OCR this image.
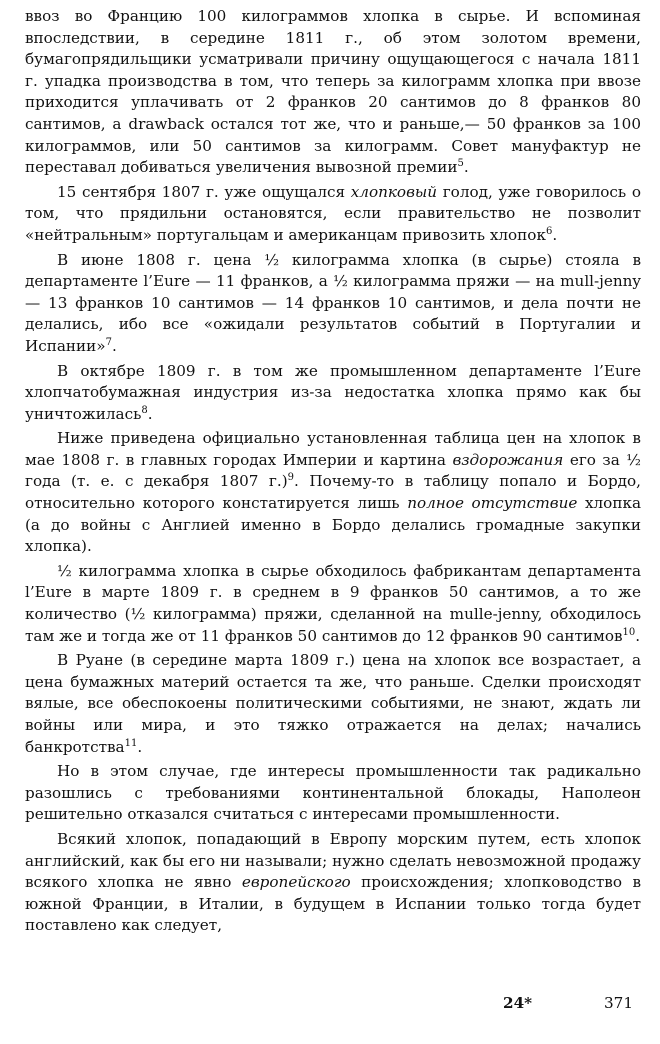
ввоз во Францию 100 килограммов хлопка в сырье. И вспоминая впоследствии, в середине 1811 г., об этом золотом времени, бумагопрядильщики усматривали причину ощущающегося с начала 1811 г. упадка производства в том, что теперь за килограмм хлопка при ввозе приходится уплачивать от 2 франков 20 сантимов до 8 франков 80 сантимов, а drawback остался тот же, что и раньше,— 50 франков за 100 килограммов, или 50 сантимов за килограмм. Совет мануфактур не переставал добиваться увеличения вывозной премии$^5$.

15 сентября 1807 г. уже ощущался хлопковый голод, уже говорилось о том, что прядильни остановятся, если правительство не позволит «нейтральным» португальцам и американцам привозить хлопок$^6$.

В июне 1808 г. цена ½ килограмма хлопка (в сырье) стояла в департаменте l’Eure — 11 франков, а ½ килограмма пряжи — на mull-jenny — 13 франков 10 сантимов — 14 франков 10 сантимов, и дела почти не делались, ибо все «ожидали результатов событий в Португалии и Испании»$^7$.

В октябре 1809 г. в том же промышленном департаменте l’Eure хлопчатобумажная индустрия из-за недостатка хлопка прямо как бы уничтожилась$^8$.

Ниже приведена официально установленная таблица цен на хлопок в мае 1808 г. в главных городах Империи и картина вздорожания его за ½ года (т. е. с декабря 1807 г.)$^9$. Почему-то в таблицу попало и Бордо, относительно которого констатируется лишь полное отсутствие хлопка (а до войны с Англией именно в Бордо делались громадные закупки хлопка).

½ килограмма хлопка в сырье обходилось фабрикантам департамента l’Eure в марте 1809 г. в среднем в 9 франков 50 сантимов, а то же количество (½ килограмма) пряжи, сделанной на mulle-jenny, обходилось там же и тогда же от 11 франков 50 сантимов до 12 франков 90 сантимов$^{10}$.

В Руане (в середине марта 1809 г.) цена на хлопок все возрастает, а цена бумажных материй остается та же, что раньше. Сделки происходят вялые, все обеспокоены политическими событиями, не знают, ждать ли войны или мира, и это тяжко отражается на делах; начались банкротства$^{11}$.

Но в этом случае, где интересы промышленности так радикально разошлись с требованиями континентальной блокады, Наполеон решительно отказался считаться с интересами промышленности.

Всякий хлопок, попадающий в Европу морским путем, есть хлопок английский, как бы его ни называли; нужно сделать невозможной продажу всякого хлопка не явно европейского происхождения; хлопководство в южной Франции, в Италии, в будущем в Испании только тогда будет поставлено как следует,

24*	371
